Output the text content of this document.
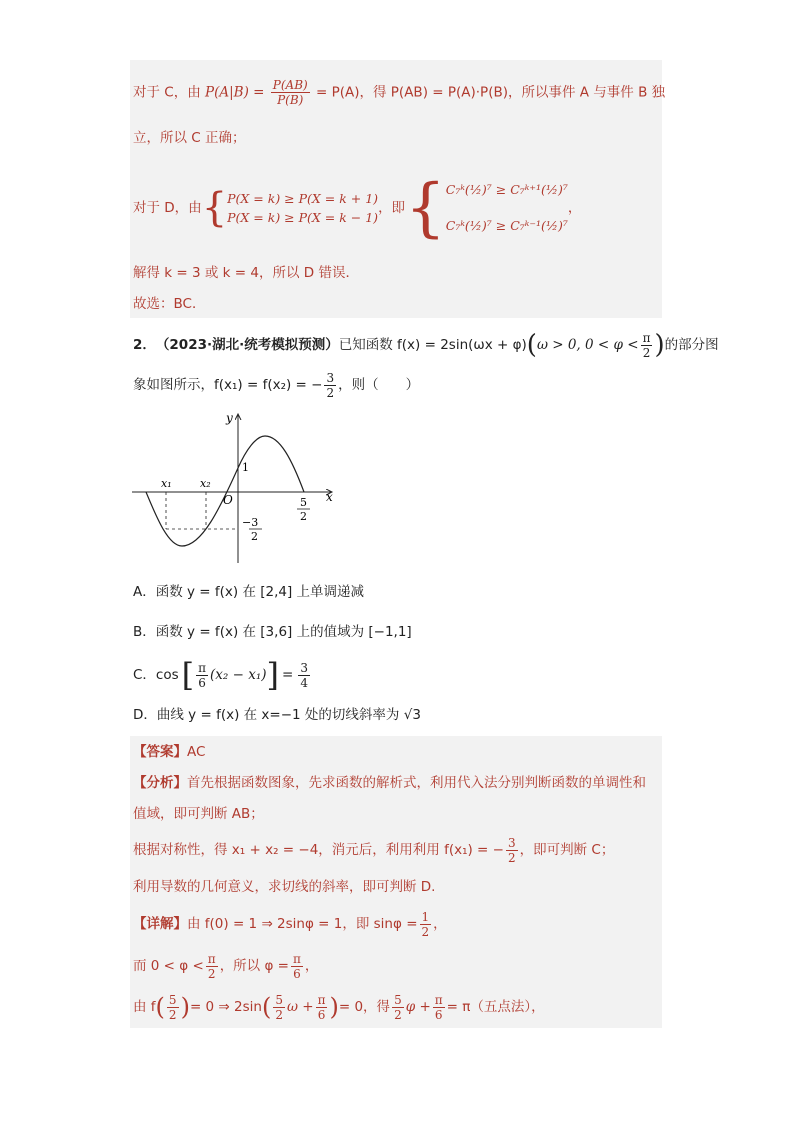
对于 C，由 $P(A|B) = \frac{P(AB)}{P(B)} = P(A)$，得 P(AB) = P(A)·P(B)，所以事件 A 与事件 B 独
立，所以 C 正确；
对于 D，由 { P(X = k) ≥ P(X = k + 1)
P(X = k) ≥ P(X = k − 1)
，即 { C₇ᵏ(½)⁷ ≥ C₇ᵏ⁺¹(½)⁷
C₇ᵏ(½)⁷ ≥ C₇ᵏ⁻¹(½)⁷
，
解得 k = 3 或 k = 4，所以 D 错误．
故选：BC．
2． （2023·湖北·统考模拟预测） 已知函数 f(x) = 2sin(ωx + φ) ( ω > 0, $0 < \varphi < \frac{\pi}{2}$ ) 的部分图
象如图所示，f(x₁) = f(x₂) = − $\frac{3}{2}$ ，则（　　）
y
x
O
1
x₁	x₂
5
2
−3
2
A．函数 y = f(x) 在 [2,4] 上单调递减
B．函数 y = f(x) 在 [3,6] 上的值域为 [−1,1]
C．cos [ $\frac{\pi}{6} (x_2 - x_1)$ ] = $\frac{3}{4}$
D．曲线 y = f(x) 在 x=−1 处的切线斜率为 √3
【答案】AC
【分析】首先根据函数图象，先求函数的解析式，利用代入法分别判断函数的单调性和
值域，即可判断 AB；
根据对称性，得 x₁ + x₂ = −4，消元后，利用利用 f(x₁) = − $\frac{3}{2}$ ，即可判断 C；
利用导数的几何意义，求切线的斜率，即可判断 D.
【详解】 由 f(0) = 1 ⇒ 2sinφ = 1，即 $\sin\varphi = \frac{1}{2}$ ，
而 $0 < \varphi < \frac{\pi}{2}$ ，所以 $\varphi = \frac{\pi}{6}$ ，
由 f ( $\frac{5}{2}$ ) = 0 ⇒ 2sin ( $\frac{5}{2}$ $\omega + \frac{\pi}{6}$ ) = 0，得 $\frac{5}{2}$ $\varphi + \frac{\pi}{6} = \pi$（五点法），
